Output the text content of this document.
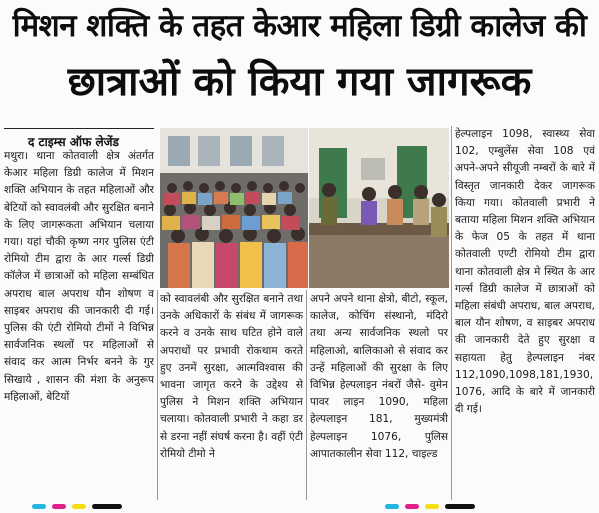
मिशन शक्ति के तहत केआर महिला डिग्री कालेज की
छात्राओं को किया गया जागरूक
द टाइम्स ऑफ लेजेंड
मथुरा। थाना कोतवाली क्षेत्र अंतर्गत केआर महिला डिग्री कालेज में मिशन शक्ति अभियान के तहत महिलाओं और बेटियों को स्वावलंबी और सुरक्षित बनाने के लिए जागरूकता अभियान चलाया गया। यहां चौकी कृष्ण नगर पुलिस एंटी रोमियो टीम द्वारा के आर गर्ल्स डिग्री कॉलेज में छात्राओं को महिला सम्बंधित अपराध बाल अपराध यौन शोषण व साइबर अपराध की जानकारी दी गई। पुलिस की एंटी रोमियो टीमों ने विभिन्न सार्वजनिक स्थलों पर महिलाओं से संवाद कर आत्म निर्भर बनने के गुर सिखाये , शासन की मंशा के अनुरूप महिलाओं, बेटियों
को स्वावलंबी और सुरक्षित बनाने तथा उनके अधिकारों के संबंध में जागरूक करने व उनके साथ घटित होने वाले अपराधों पर प्रभावी रोकथाम करते हुए उनमें सुरक्षा, आत्मविश्वास की भावना जागृत करने के उद्देश्य से पुलिस ने मिशन शक्ति अभियान चलाया। कोतवाली प्रभारी ने कहा डर से डरना नहीं संघर्ष करना है। वहीं एंटी रोमियो टीमो ने
अपने अपने थाना क्षेत्रो, बीटो, स्कूल, कालेज, कोचिंग संस्थानो, मंदिरो तथा अन्य सार्वजनिक स्थलो पर महिलाओ, बालिकाओ से संवाद कर उन्हें महिलाओं की सुरक्षा के लिए विभिन्न हेल्पलाइन नंबरों जैसे- वुमेन पावर लाइन 1090, महिला हेल्पलाइन 181, मुख्यमंत्री हेल्पलाइन 1076, पुलिस आपातकालीन सेवा 112, चाइल्ड
हेल्पलाइन 1098, स्वास्थ्य सेवा 102, एम्बुलेंस सेवा 108 एवं अपने-अपने सीयूजी नम्बरों के बारे में विस्तृत जानकारी देकर जागरूक किया गया। कोतवाली प्रभारी ने बताया महिला मिशन शक्ति अभियान के फेज 05 के तहत में थाना कोतवाली एण्टी रोमियो टीम द्वारा थाना कोतवाली क्षेत्र मे स्थित के आर गर्ल्स डिग्री कालेज में छात्राओं को महिला संबंधी अपराध, बाल अपराध, बाल यौन शोषण, व साइबर अपराध की जानकारी देते हुए सुरक्षा व सहायता हेतु हेल्पलाइन नंबर 112,1090,1098,181,1930, 1076, आदि के बारे में जानकारी दी गई।
